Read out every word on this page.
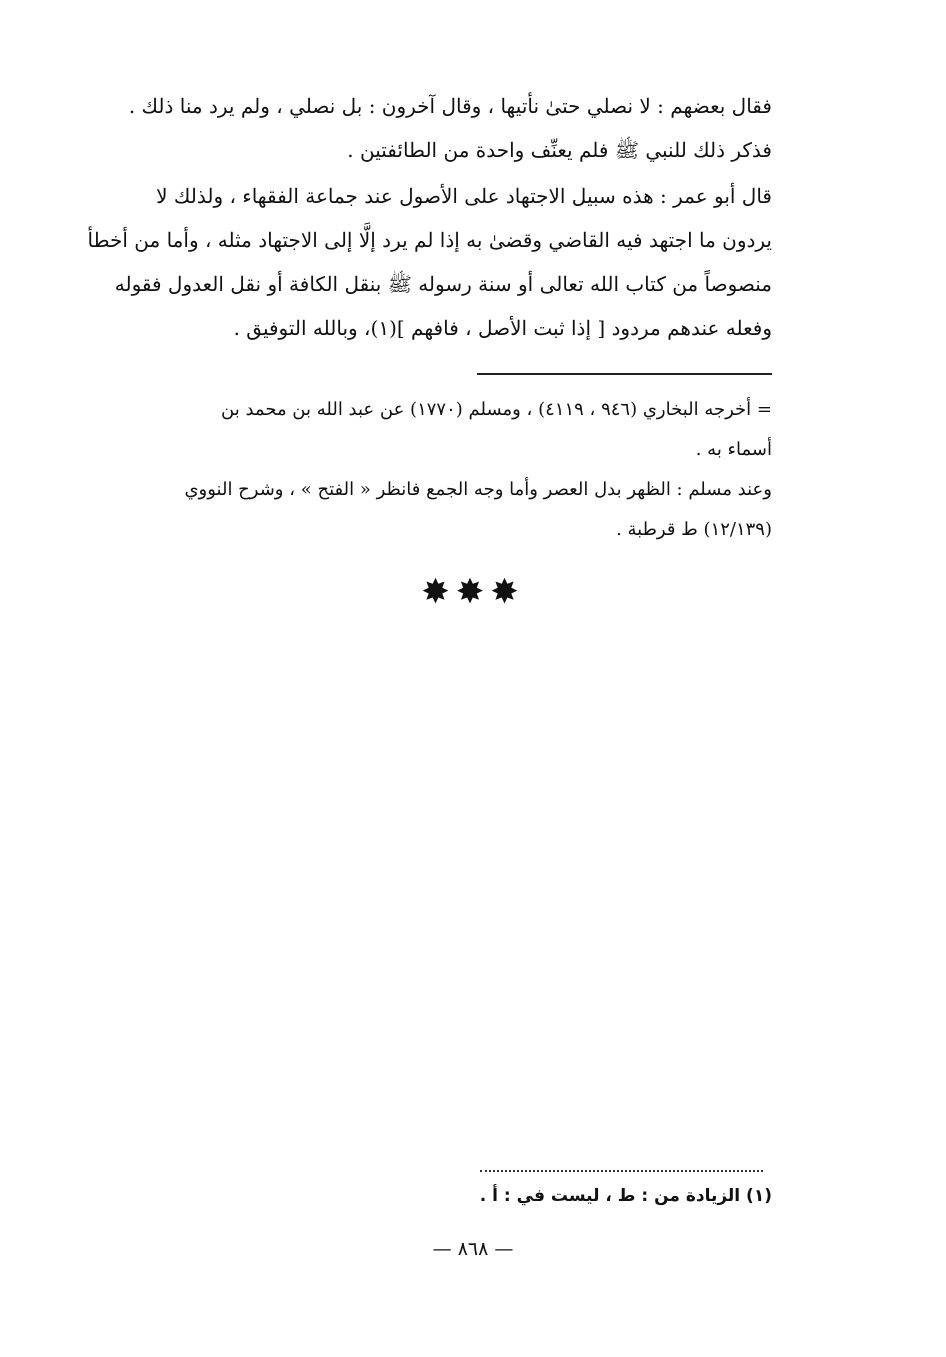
فقال بعضهم : لا نصلي حتىٰ نأتيها ، وقال آخرون : بل نصلي ، ولم يرد منا ذلك .
فذكر ذلك للنبي ﷺ فلم يعنِّف واحدة من الطائفتين .
قال أبو عمر : هذه سبيل الاجتهاد على الأصول عند جماعة الفقهاء ، ولذلك لا
يردون ما اجتهد فيه القاضي وقضىٰ به إذا لم يرد إلَّا إلى الاجتهاد مثله ، وأما من أخطأ
منصوصاً من كتاب الله تعالى أو سنة رسوله ﷺ بنقل الكافة أو نقل العدول فقوله
وفعله عندهم مردود [ إذا ثبت الأصل ، فافهم ](١)، وبالله التوفيق .
= أخرجه البخاري (٩٤٦ ، ٤١١٩) ، ومسلم (١٧٧٠) عن عبد الله بن محمد بن
أسماء به .
وعند مسلم : الظهر بدل العصر وأما وجه الجمع فانظر « الفتح » ، وشرح النووي
(١٢/١٣٩) ط قرطبة .
✸✸✸
(١) الزيادة من : ط ، ليست في : أ .
— ٨٦٨ —
